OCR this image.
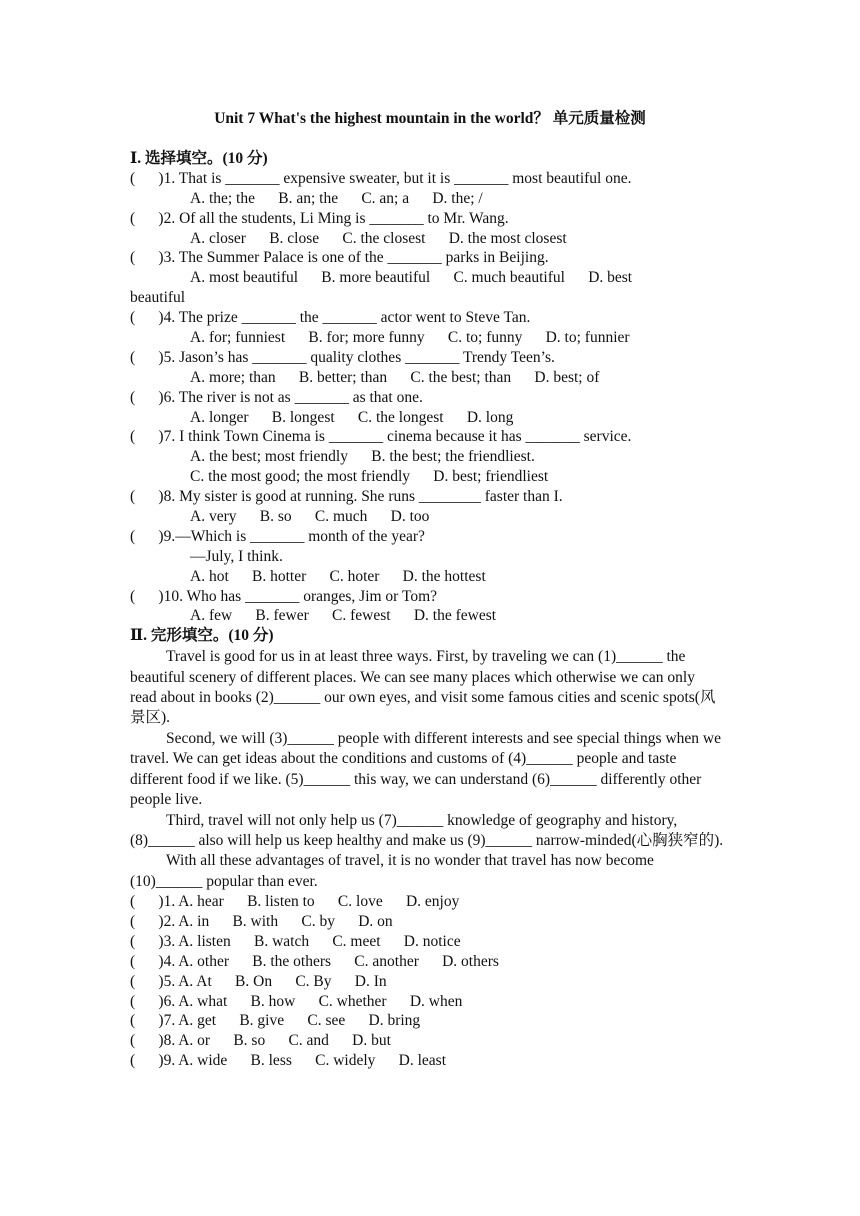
Unit 7 What's the highest mountain in the world？ 单元质量检测
Ⅰ. 选择填空。(10 分)
(      )1. That is _______ expensive sweater, but it is _______ most beautiful one.
A. the; the      B. an; the      C. an; a      D. the; /
(      )2. Of all the students, Li Ming is _______ to Mr. Wang.
A. closer      B. close      C. the closest      D. the most closest
(      )3. The Summer Palace is one of the _______ parks in Beijing.
A. most beautiful      B. more beautiful      C. much beautiful      D. best
beautiful
(      )4. The prize _______ the _______ actor went to Steve Tan.
A. for; funniest      B. for; more funny      C. to; funny      D. to; funnier
(      )5. Jason’s has _______ quality clothes _______ Trendy Teen’s.
A. more; than      B. better; than      C. the best; than      D. best; of
(      )6. The river is not as _______ as that one.
A. longer      B. longest      C. the longest      D. long
(      )7. I think Town Cinema is _______ cinema because it has _______ service.
A. the best; most friendly      B. the best; the friendliest.
C. the most good; the most friendly      D. best; friendliest
(      )8. My sister is good at running. She runs ________ faster than I.
A. very      B. so      C. much      D. too
(      )9.—Which is _______ month of the year?
—July, I think.
A. hot      B. hotter      C. hoter      D. the hottest
(      )10. Who has _______ oranges, Jim or Tom?
A. few      B. fewer      C. fewest      D. the fewest
Ⅱ. 完形填空。(10 分)
Travel is good for us in at least three ways. First, by traveling we can (1)______ the beautiful scenery of different places. We can see many places which otherwise we can only read about in books (2)______ our own eyes, and visit some famous cities and scenic spots(风景区).
Second, we will (3)______ people with different interests and see special things when we travel. We can get ideas about the conditions and customs of (4)______ people and taste different food if we like. (5)______ this way, we can understand (6)______ differently other people live.
Third, travel will not only help us (7)______ knowledge of geography and history, (8)______ also will help us keep healthy and make us (9)______ narrow-minded(心胸狭窄的).
With all these advantages of travel, it is no wonder that travel has now become (10)______ popular than ever.
(      )1. A. hear      B. listen to      C. love      D. enjoy
(      )2. A. in      B. with      C. by      D. on
(      )3. A. listen      B. watch      C. meet      D. notice
(      )4. A. other      B. the others      C. another      D. others
(      )5. A. At      B. On      C. By      D. In
(      )6. A. what      B. how      C. whether      D. when
(      )7. A. get      B. give      C. see      D. bring
(      )8. A. or      B. so      C. and      D. but
(      )9. A. wide      B. less      C. widely      D. least
